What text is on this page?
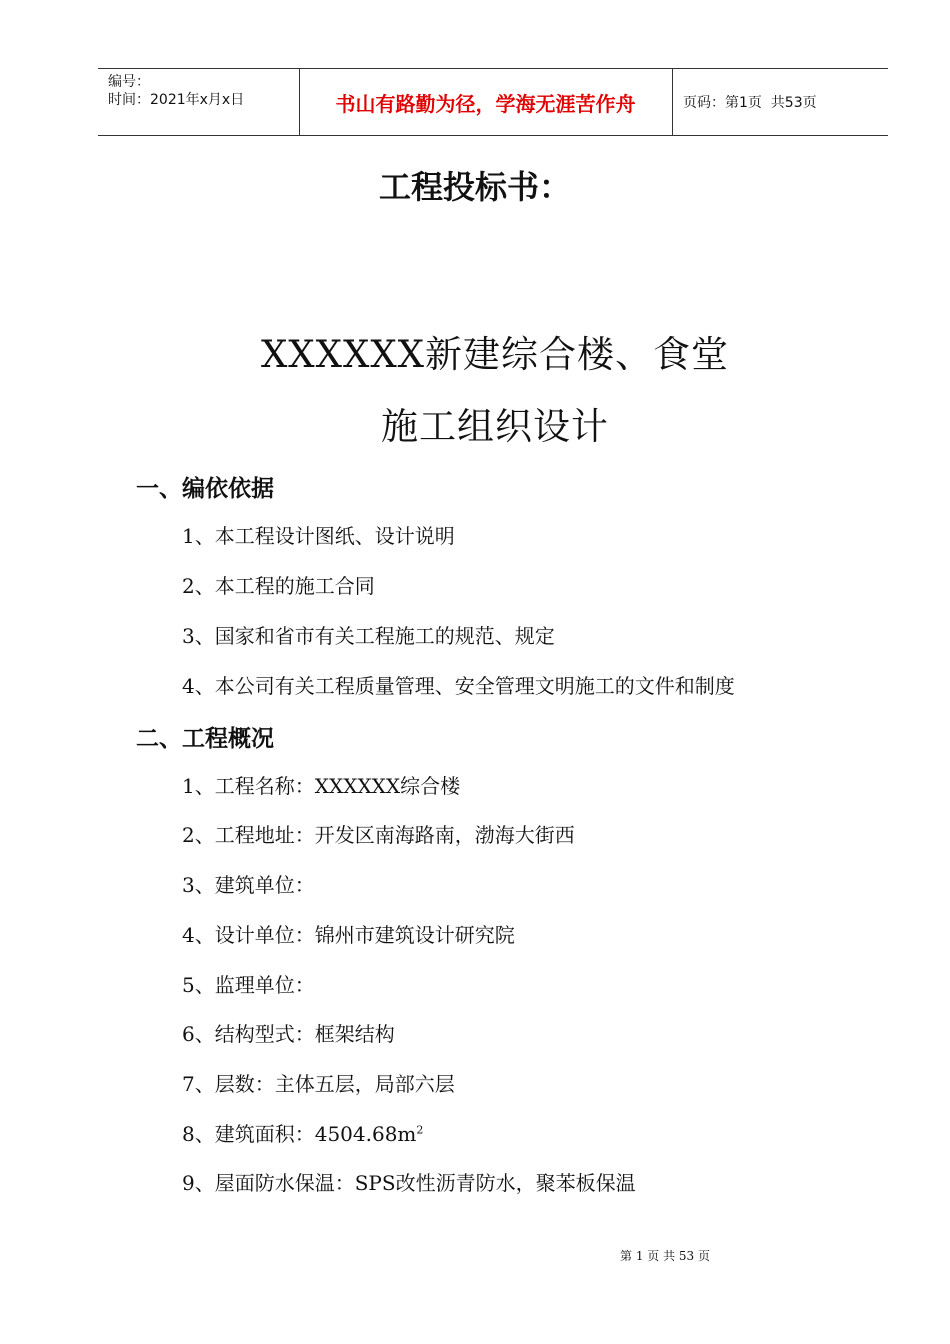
编号：
时间：2021年x月x日	书山有路勤为径，学海无涯苦作舟	页码：第1页  共53页
工程投标书：
XXXXXX新建综合楼、食堂
施工组织设计
一、编依依据
1、本工程设计图纸、设计说明
2、本工程的施工合同
3、国家和省市有关工程施工的规范、规定
4、本公司有关工程质量管理、安全管理文明施工的文件和制度
二、工程概况
1、工程名称：XXXXXX综合楼
2、工程地址：开发区南海路南，渤海大街西
3、建筑单位：
4、设计单位：锦州市建筑设计研究院
5、监理单位：
6、结构型式：框架结构
7、层数：主体五层，局部六层
8、建筑面积：$4504.68m^2$
9、屋面防水保温：SPS改性沥青防水，聚苯板保温
第 1 页 共 53 页
